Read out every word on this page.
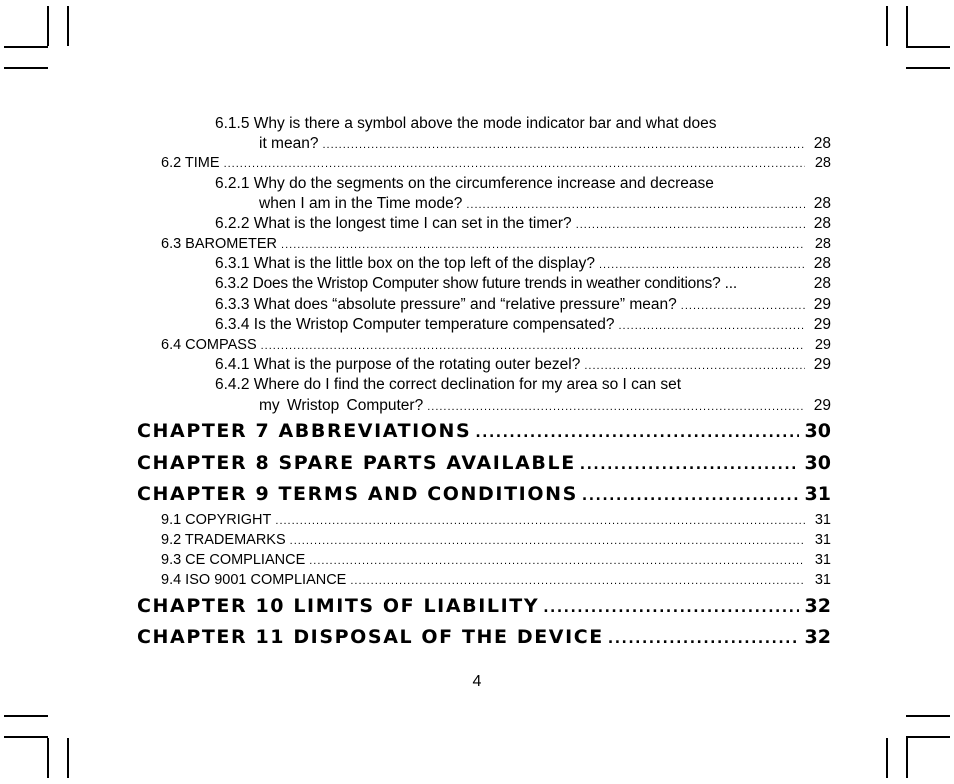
6.1.5 Why is there a symbol above the mode indicator bar and what does
it mean? .....	28
6.2 TIME .....	28
6.2.1 Why do the segments on the circumference increase and decrease
when I am in the Time mode? .....	28
6.2.2 What is the longest time I can set in the timer? .....	28
6.3 BAROMETER .....	28
6.3.1 What is the little box on the top left of the display? .....	28
6.3.2 Does the Wristop Computer show future trends in weather conditions? ...	28
6.3.3 What does “absolute pressure” and “relative pressure” mean? .....	29
6.3.4 Is the Wristop Computer temperature compensated? .....	29
6.4 COMPASS .....	29
6.4.1 What is the purpose of the rotating outer bezel? .....	29
6.4.2 Where do I find the correct declination for my area so I can set
my Wristop Computer? .....	29
CHAPTER 7 ABBREVIATIONS .....	30
CHAPTER 8 SPARE PARTS AVAILABLE .....	30
CHAPTER 9 TERMS AND CONDITIONS .....	31
9.1 COPYRIGHT .....	31
9.2 TRADEMARKS .....	31
9.3 CE COMPLIANCE .....	31
9.4 ISO 9001 COMPLIANCE .....	31
CHAPTER 10 LIMITS OF LIABILITY .....	32
CHAPTER 11 DISPOSAL OF THE DEVICE .....	32
4
